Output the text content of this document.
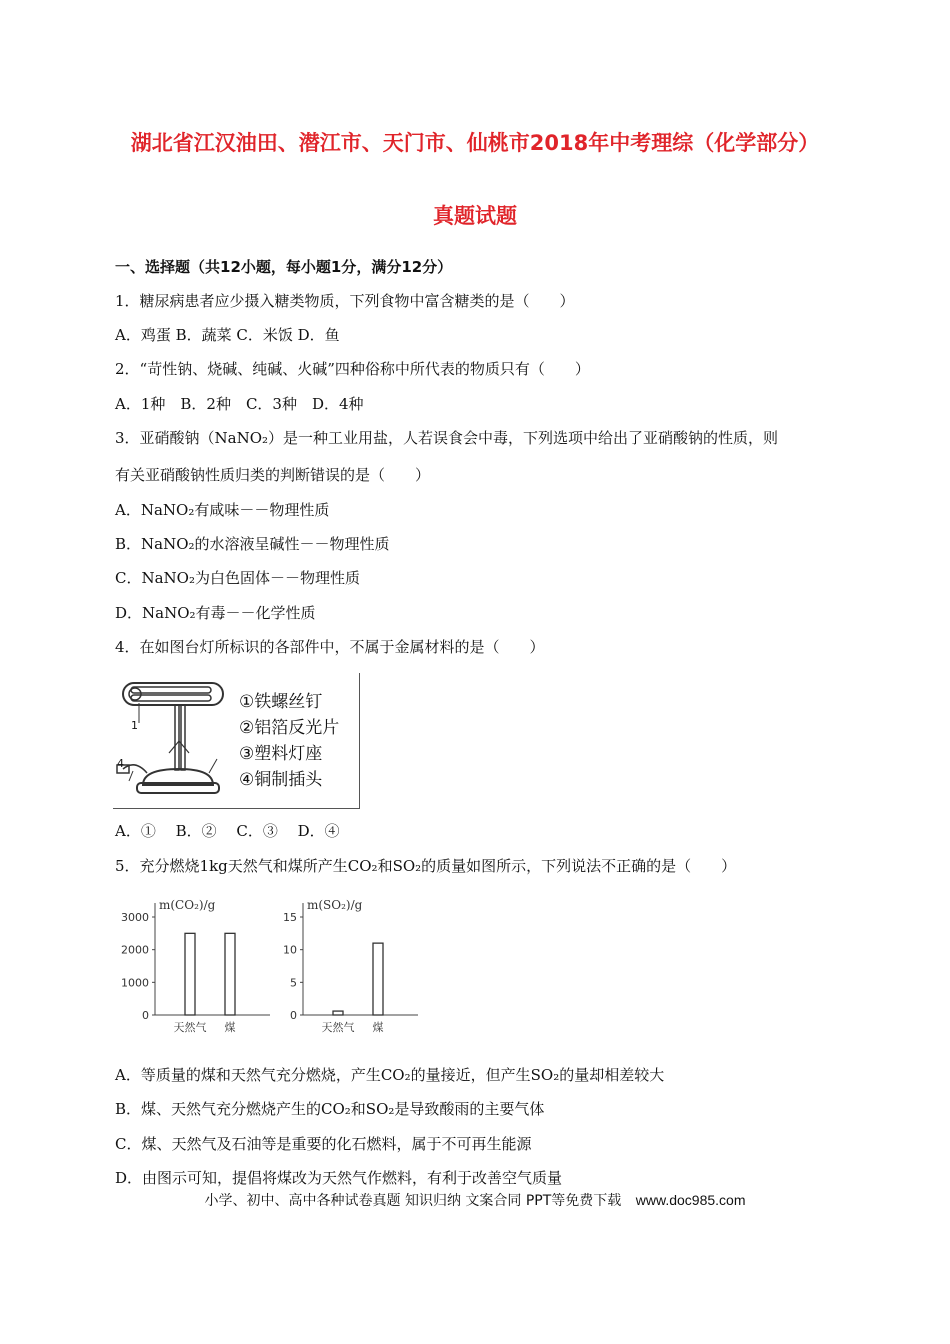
湖北省江汉油田、潜江市、天门市、仙桃市2018年中考理综（化学部分）
真题试题
一、选择题（共12小题，每小题1分，满分12分）
1．糖尿病患者应少摄入糖类物质，下列食物中富含糖类的是（　　）
A．鸡蛋 B．蔬菜 C．米饭 D．鱼
2．“苛性钠、烧碱、纯碱、火碱”四种俗称中所代表的物质只有（　　）
A．1种　B．2种　C．3种　D．4种
3．亚硝酸钠（NaNO₂）是一种工业用盐，人若误食会中毒，下列选项中给出了亚硝酸钠的性质，则
有关亚硝酸钠性质归类的判断错误的是（　　）
A．NaNO₂有咸味－－物理性质
B．NaNO₂的水溶液呈碱性－－物理性质
C．NaNO₂为白色固体－－物理性质
D．NaNO₂有毒－－化学性质
4．在如图台灯所标识的各部件中，不属于金属材料的是（　　）
1
4
①铁螺丝钉
②铝箔反光片
③塑料灯座
④铜制插头
A．①　 B．②　 C．③　 D．④
5．充分燃烧1kg天然气和煤所产生CO₂和SO₂的质量如图所示，下列说法不正确的是（　　）
m(CO₂)/g
0
1000
2000
3000
天然气 煤
m(SO₂)/g
0
5
10
15
天然气 煤
A．等质量的煤和天然气充分燃烧，产生CO₂的量接近，但产生SO₂的量却相差较大
B．煤、天然气充分燃烧产生的CO₂和SO₂是导致酸雨的主要气体
C．煤、天然气及石油等是重要的化石燃料，属于不可再生能源
D．由图示可知，提倡将煤改为天然气作燃料，有利于改善空气质量
小学、初中、高中各种试卷真题 知识归纳 文案合同 PPT等免费下载 www.doc985.com
